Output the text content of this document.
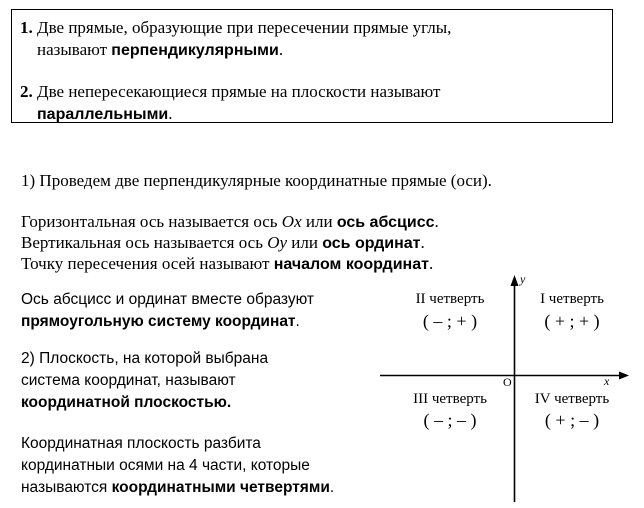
1. Две прямые, образующие при пересечении прямые углы,
называют перпендикулярными.
2. Две непересекающиеся прямые на плоскости называют
параллельными.
1) Проведем две перпендикулярные координатные прямые (оси).
Горизонтальная ось называется ось Ox или ось абсцисс.
Вертикальная ось называется ось Oy или ось ординат.
Точку пересечения осей называют началом координат.
Ось абсцисс и ординат вместе образуют
прямоугольную систему координат.
2) Плоскость, на которой выбрана
система координат, называют
координатной плоскостью.
Координатная плоскость разбита
кординатныи осями на 4 части, которые
называются координатными четвертями.
y
x
O
II четверть
( – ; + )
I четверть
( + ; + )
III четверть
( – ; – )
IV четверть
( + ; – )
